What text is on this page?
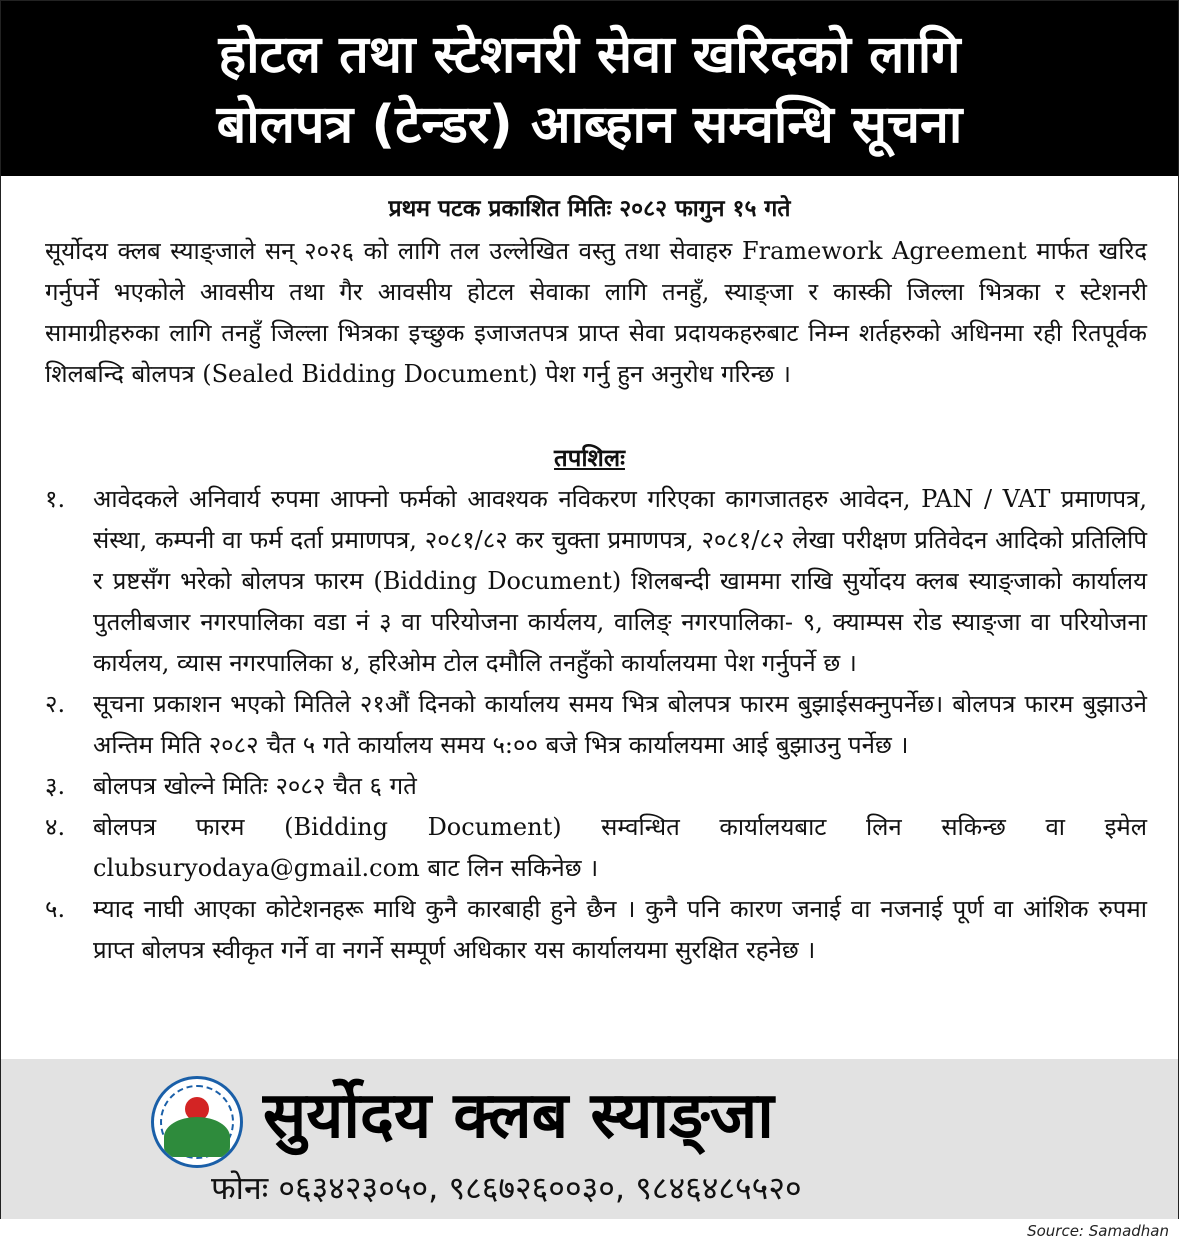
होटल तथा स्टेशनरी सेवा खरिदको लागि
बोलपत्र (टेन्डर) आब्हान सम्वन्धि सूचना
प्रथम पटक प्रकाशित मितिः २०८२ फागुन १५ गते
सूर्योदय क्लब स्याङ्जाले सन् २०२६ को लागि तल उल्लेखित वस्तु तथा सेवाहरु Framework Agreement मार्फत खरिद गर्नुपर्ने भएकोले आवसीय तथा गैर आवसीय होटल सेवाका लागि तनहुँ, स्याङ्जा र कास्की जिल्ला भित्रका र स्टेशनरी सामाग्रीहरुका लागि तनहुँ जिल्ला भित्रका इच्छुक इजाजतपत्र प्राप्त सेवा प्रदायकहरुबाट निम्न शर्तहरुको अधिनमा रही रितपूर्वक शिलबन्दि बोलपत्र (Sealed Bidding Document) पेश गर्नु हुन अनुरोध गरिन्छ ।
तपशिलः
१.	आवेदकले अनिवार्य रुपमा आफ्नो फर्मको आवश्यक नविकरण गरिएका कागजातहरु आवेदन, PAN / VAT प्रमाणपत्र, संस्था, कम्पनी वा फर्म दर्ता प्रमाणपत्र, २०८१/८२ कर चुक्ता प्रमाणपत्र, २०८१/८२ लेखा परीक्षण प्रतिवेदन आदिको प्रतिलिपि र प्रष्टसँग भरेको बोलपत्र फारम (Bidding Document) शिलबन्दी खाममा राखि सुर्योदय क्लब स्याङ्जाको कार्यालय पुतलीबजार नगरपालिका वडा नं ३ वा परियोजना कार्यलय, वालिङ् नगरपालिका- ९, क्याम्पस रोड स्याङ्जा वा परियोजना कार्यलय, व्यास नगरपालिका ४, हरिओम टोल दमौलि तनहुँको कार्यालयमा पेश गर्नुपर्ने छ ।
२.	सूचना प्रकाशन भएको मितिले २१औं दिनको कार्यालय समय भित्र बोलपत्र फारम बुझाईसक्नुपर्नेछ। बोलपत्र फारम बुझाउने अन्तिम मिति २०८२ चैत ५ गते कार्यालय समय ५:०० बजे भित्र कार्यालयमा आई बुझाउनु पर्नेछ ।
३.	बोलपत्र खोल्ने मितिः २०८२ चैत ६ गते
४.	बोलपत्र फारम (Bidding Document) सम्वन्धित कार्यालयबाट लिन सकिन्छ वा इमेल clubsuryodaya@gmail.com बाट लिन सकिनेछ ।
५.	म्याद नाघी आएका कोटेशनहरू माथि कुनै कारबाही हुने छैन । कुनै पनि कारण जनाई वा नजनाई पूर्ण वा आंशिक रुपमा प्राप्त बोलपत्र स्वीकृत गर्ने वा नगर्ने सम्पूर्ण अधिकार यस कार्यालयमा सुरक्षित रहनेछ ।
सुर्योदय क्लब स्याङ्जा
फोनः ०६३४२३०५०, ९८६७२६००३०, ९८४६४८५५२०
Source: Samadhan
